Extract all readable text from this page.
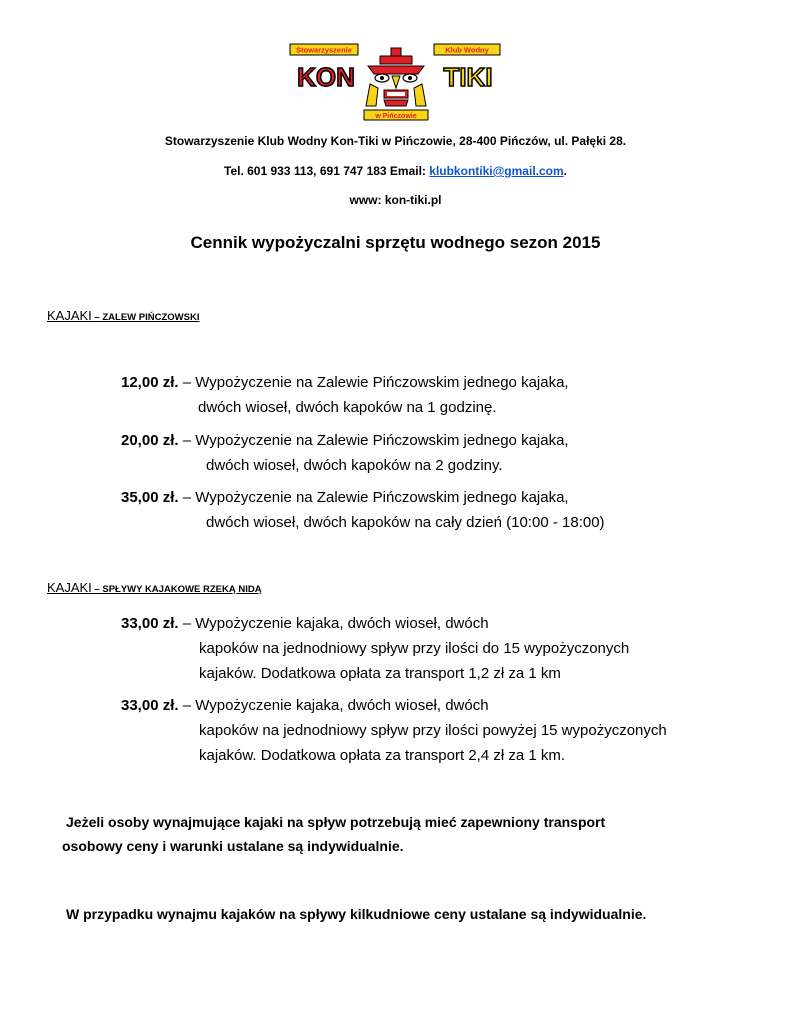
Stowarzyszenie	Klub Wodny
KON	TIKI
w Pińczowie
Stowarzyszenie Klub Wodny Kon-Tiki w Pińczowie, 28-400 Pińczów, ul. Pałęki 28.
Tel. 601 933 113, 691 747 183 Email: klubkontiki@gmail.com.
www: kon-tiki.pl
Cennik wypożyczalni sprzętu wodnego sezon 2015
KAJAKI – ZALEW PIŃCZOWSKI
12,00 zł. – Wypożyczenie na Zalewie Pińczowskim jednego kajaka,
dwóch wioseł, dwóch kapoków na 1 godzinę.
20,00 zł. – Wypożyczenie na Zalewie Pińczowskim jednego kajaka,
dwóch wioseł, dwóch kapoków na 2 godziny.
35,00 zł. – Wypożyczenie na Zalewie Pińczowskim jednego kajaka,
dwóch wioseł, dwóch kapoków na cały dzień (10:00 - 18:00)
KAJAKI – SPŁYWY KAJAKOWE RZEKĄ NIDĄ
33,00 zł. – Wypożyczenie kajaka, dwóch wioseł, dwóch
kapoków na jednodniowy spływ przy ilości do 15 wypożyczonych
kajaków. Dodatkowa opłata za transport 1,2 zł za 1 km
33,00 zł. – Wypożyczenie kajaka, dwóch wioseł, dwóch
kapoków na jednodniowy spływ przy ilości powyżej 15 wypożyczonych
kajaków. Dodatkowa opłata za transport 2,4 zł za 1 km.
Jeżeli osoby wynajmujące kajaki na spływ potrzebują mieć zapewniony transport
osobowy ceny i warunki ustalane są indywidualnie.
W przypadku wynajmu kajaków na spływy kilkudniowe ceny ustalane są indywidualnie.
